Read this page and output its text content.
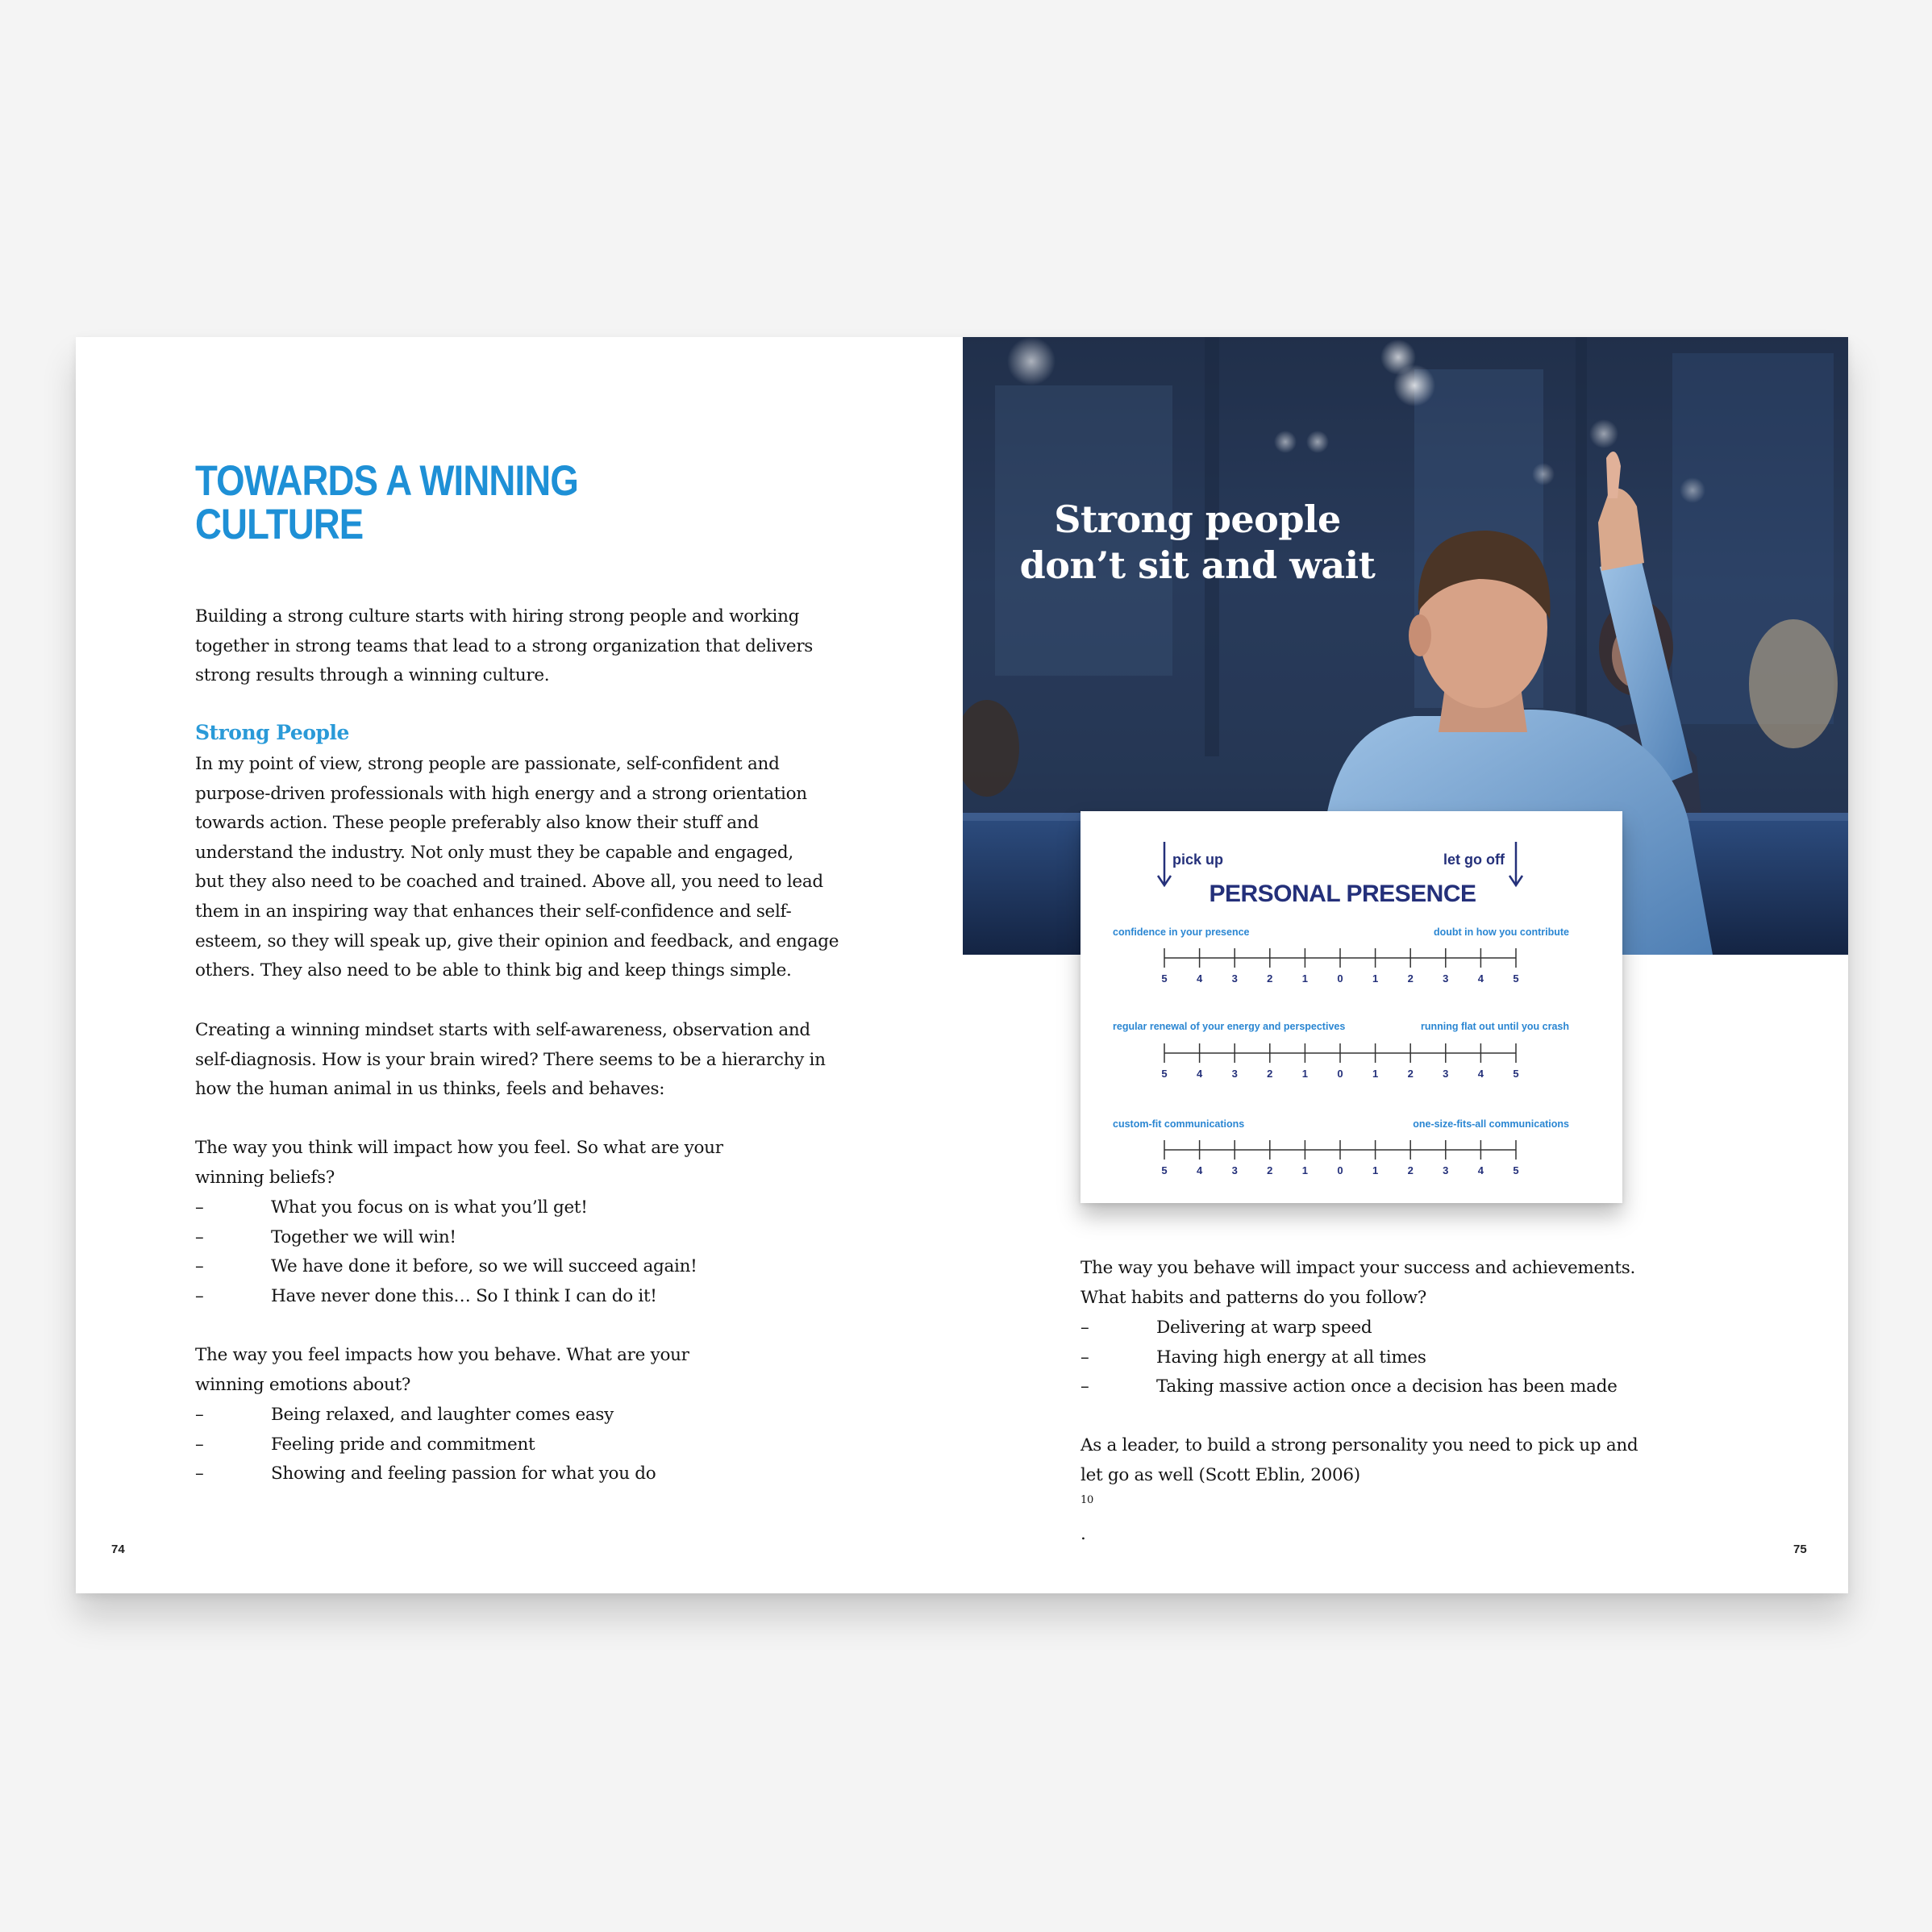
TOWARDS A WINNING
CULTURE

Building a strong culture starts with hiring strong people and working
together in strong teams that lead to a strong organization that delivers
strong results through a winning culture.

Strong People

In my point of view, strong people are passionate, self-confident and
purpose-driven professionals with high energy and a strong orientation
towards action. These people preferably also know their stuff and
understand the industry. Not only must they be capable and engaged,
but they also need to be coached and trained. Above all, you need to lead
them in an inspiring way that enhances their self-confidence and self-
esteem, so they will speak up, give their opinion and feedback, and engage
others. They also need to be able to think big and keep things simple.

Creating a winning mindset starts with self-awareness, observation and
self-diagnosis. How is your brain wired? There seems to be a hierarchy in
how the human animal in us thinks, feels and behaves:

The way you think will impact how you feel. So what are your
winning beliefs?

–	What you focus on is what you’ll get!
–	Together we will win!
–	We have done it before, so we will succeed again!
–	Have never done this… So I think I can do it!

The way you feel impacts how you behave. What are your
winning emotions about?

–	Being relaxed, and laughter comes easy
–	Feeling pride and commitment
–	Showing and feeling passion for what you do
74
Strong people
don’t sit and wait
5	4	3	2	1	0	1	2	3	4	5
5	4	3	2	1	0	1	2	3	4	5
5	4	3	2	1	0	1	2	3	4	5
pick up	let go off
PERSONAL PRESENCE
confidence in your presence	doubt in how you contribute
regular renewal of your energy and perspectives	running flat out until you crash
custom-fit communications	one-size-fits-all communications

The way you behave will impact your success and achievements.
What habits and patterns do you follow?

–	Delivering at warp speed
–	Having high energy at all times
–	Taking massive action once a decision has been made

As a leader, to build a strong personality you need to pick up and
let go as well (Scott Eblin, 2006)
$^{10}$
.

75
